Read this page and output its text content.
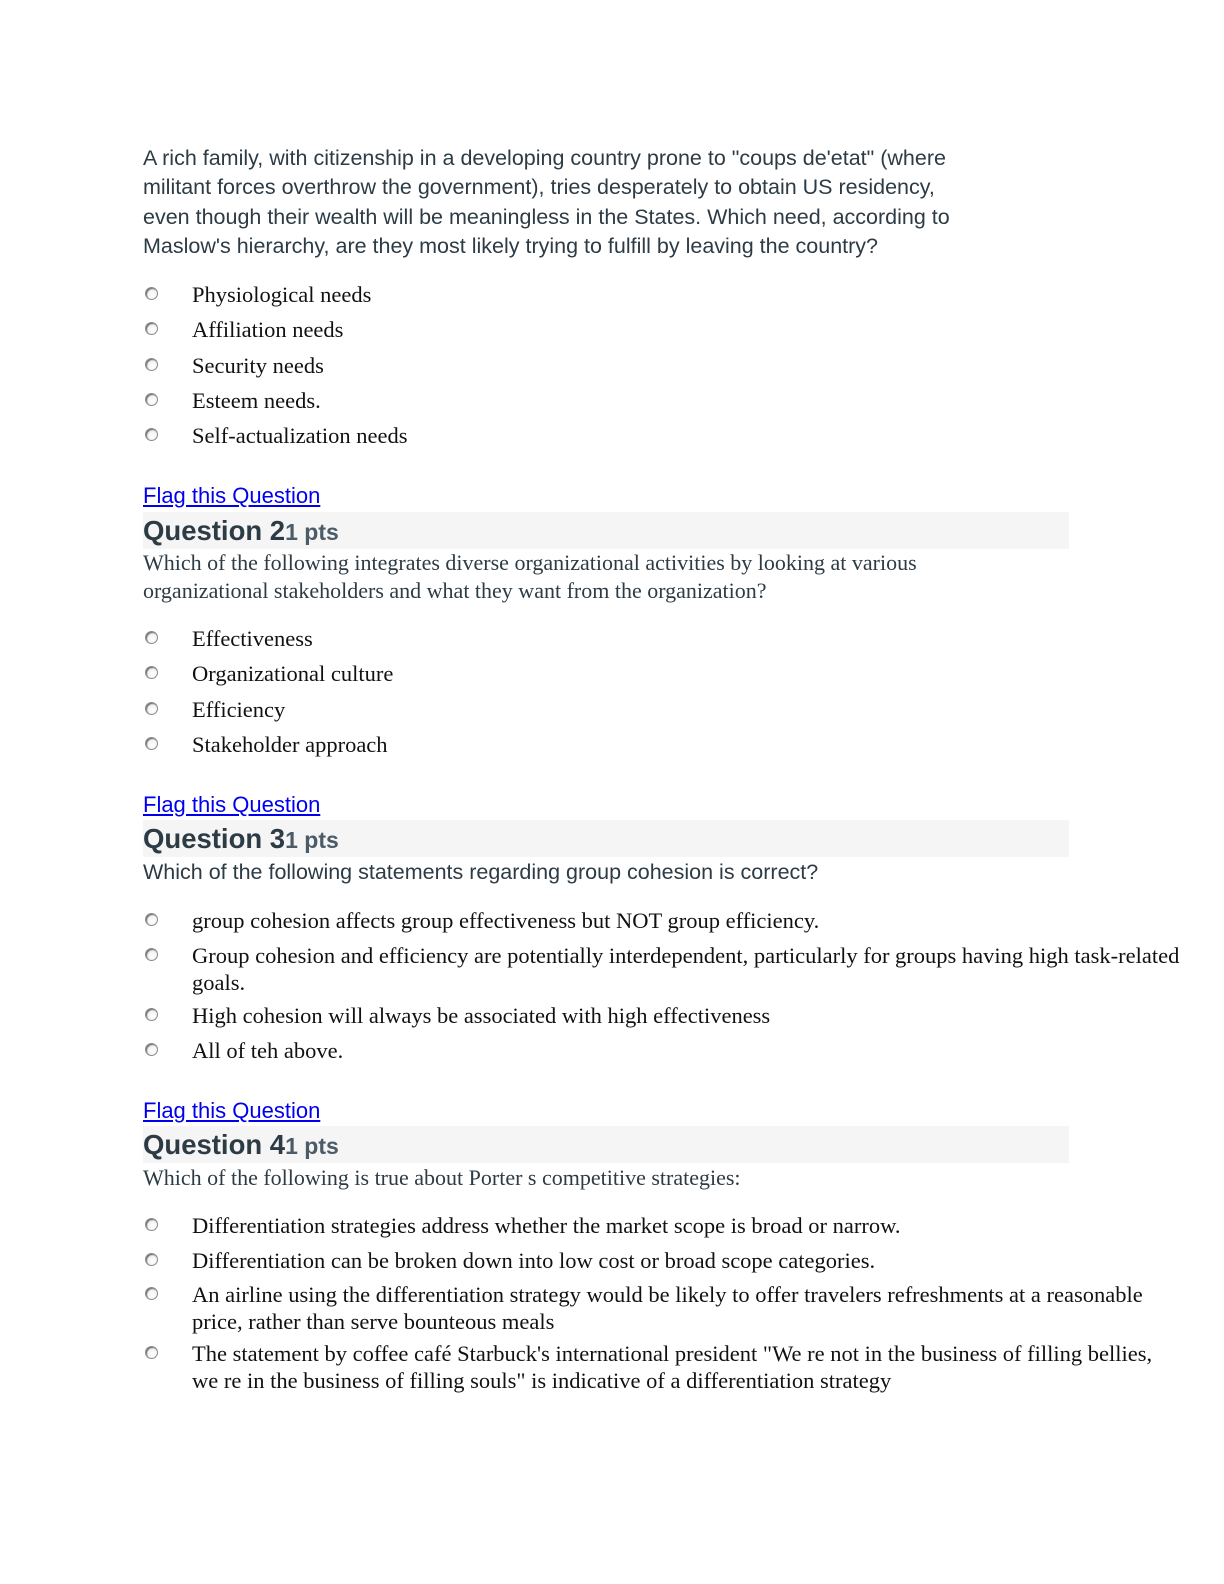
A rich family, with citizenship in a developing country prone to "coups de'etat" (where
militant forces overthrow the government), tries desperately to obtain US residency,
even though their wealth will be meaningless in the States. Which need, according to
Maslow's hierarchy, are they most likely trying to fulfill by leaving the country?
Physiological needs
Affiliation needs
Security needs
Esteem needs.
Self-actualization needs
Flag this Question
Question 21 pts
Which of the following integrates diverse organizational activities by looking at various
organizational stakeholders and what they want from the organization?
Effectiveness
Organizational culture
Efficiency
Stakeholder approach
Flag this Question
Question 31 pts
Which of the following statements regarding group cohesion is correct?
group cohesion affects group effectiveness but NOT group efficiency.
Group cohesion and efficiency are potentially interdependent, particularly for groups having high task-related goals.
High cohesion will always be associated with high effectiveness
All of teh above.
Flag this Question
Question 41 pts
Which of the following is true about Porter s competitive strategies:
Differentiation strategies address whether the market scope is broad or narrow.
Differentiation can be broken down into low cost or broad scope categories.
An airline using the differentiation strategy would be likely to offer travelers refreshments at a reasonable price, rather than serve bounteous meals
The statement by coffee café Starbuck's international president "We re not in the business of filling bellies, we re in the business of filling souls" is indicative of a differentiation strategy
